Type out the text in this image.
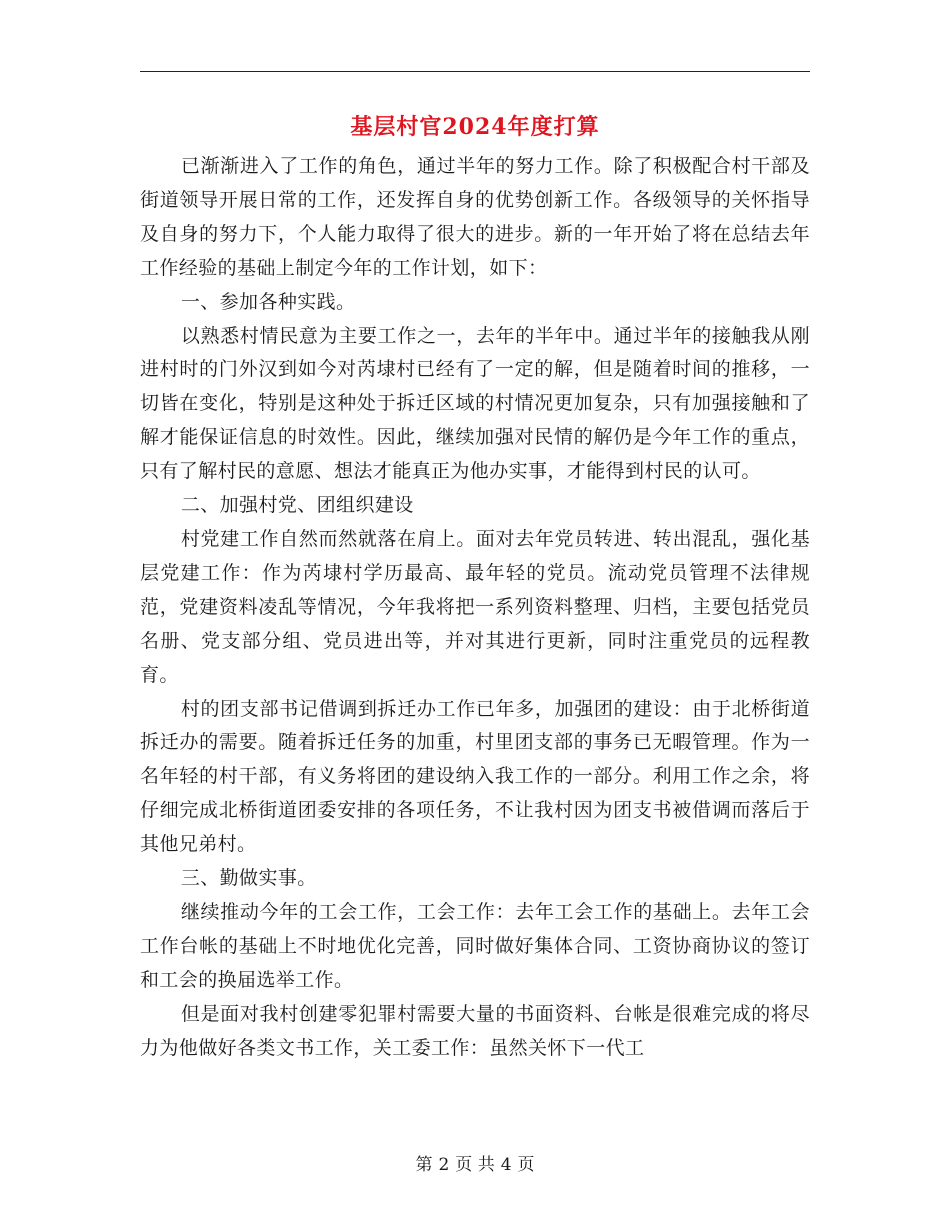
基层村官2024年度打算

已渐渐进入了工作的角色，通过半年的努力工作。除了积极配合村干部及街道领导开展日常的工作，还发挥自身的优势创新工作。各级领导的关怀指导及自身的努力下，个人能力取得了很大的进步。新的一年开始了将在总结去年工作经验的基础上制定今年的工作计划，如下：

一、参加各种实践。

以熟悉村情民意为主要工作之一，去年的半年中。通过半年的接触我从刚进村时的门外汉到如今对芮埭村已经有了一定的解，但是随着时间的推移，一切皆在变化，特别是这种处于拆迁区域的村情况更加复杂，只有加强接触和了解才能保证信息的时效性。因此，继续加强对民情的解仍是今年工作的重点，只有了解村民的意愿、想法才能真正为他办实事，才能得到村民的认可。

二、加强村党、团组织建设

村党建工作自然而然就落在肩上。面对去年党员转进、转出混乱，强化基层党建工作：作为芮埭村学历最高、最年轻的党员。流动党员管理不法律规范，党建资料凌乱等情况，今年我将把一系列资料整理、归档，主要包括党员名册、党支部分组、党员进出等，并对其进行更新，同时注重党员的远程教育。

村的团支部书记借调到拆迁办工作已年多，加强团的建设：由于北桥街道拆迁办的需要。随着拆迁任务的加重，村里团支部的事务已无暇管理。作为一名年轻的村干部，有义务将团的建设纳入我工作的一部分。利用工作之余，将仔细完成北桥街道团委安排的各项任务，不让我村因为团支书被借调而落后于其他兄弟村。

三、勤做实事。

继续推动今年的工会工作，工会工作：去年工会工作的基础上。去年工会工作台帐的基础上不时地优化完善，同时做好集体合同、工资协商协议的签订和工会的换届选举工作。

但是面对我村创建零犯罪村需要大量的书面资料、台帐是很难完成的将尽力为他做好各类文书工作，关工委工作：虽然关怀下一代工

第 2 页 共 4 页
